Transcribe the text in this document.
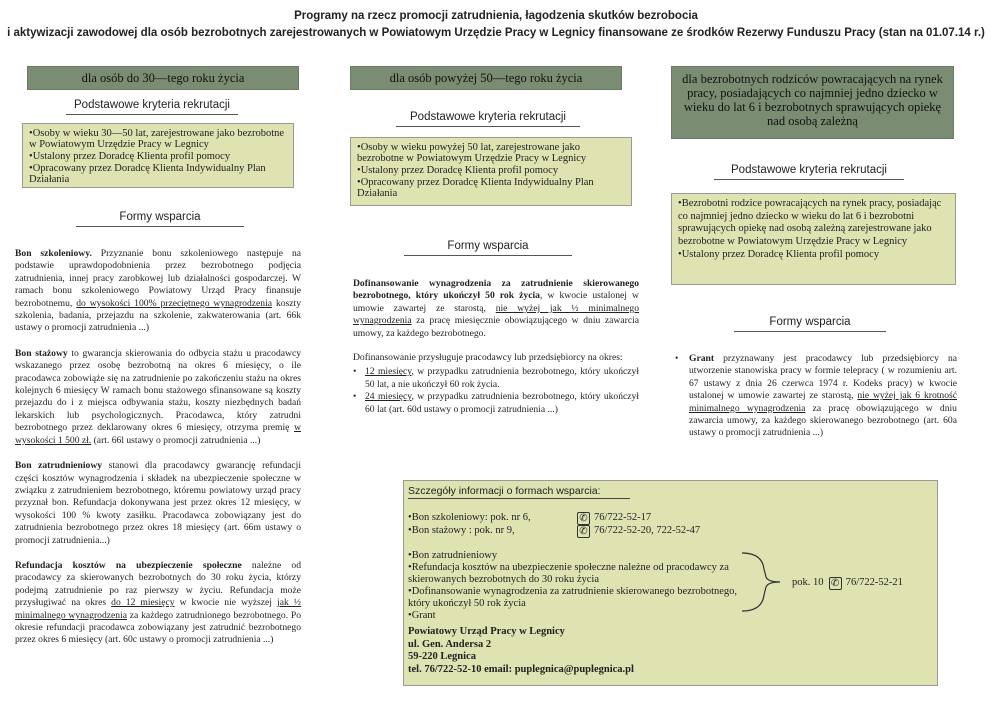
Programy na rzecz promocji zatrudnienia, łagodzenia skutków bezrobocia
i aktywizacji zawodowej dla osób bezrobotnych zarejestrowanych w Powiatowym Urzędzie Pracy w Legnicy finansowane ze środków Rezerwy Funduszu Pracy (stan na 01.07.14 r.)
dla osób do 30—tego roku życia
Podstawowe kryteria rekrutacji
•Osoby w wieku 30—50 lat, zarejestrowane jako bezrobotne w Powiatowym Urzędzie Pracy w Legnicy
•Ustalony przez Doradcę Klienta profil pomocy
•Opracowany przez Doradcę Klienta Indywidualny Plan Działania
Formy wsparcia

Bon szkoleniowy. Przyznanie bonu szkoleniowego następuje na podstawie uprawdopodobnienia przez bezrobotnego podjęcia zatrudnienia, innej pracy zarobkowej lub działalności gospodarczej. W ramach bonu szkoleniowego Powiatowy Urząd Pracy finansuje bezrobotnemu, do wysokości 100% przeciętnego wynagrodzenia koszty szkolenia, badania, przejazdu na szkolenie, zakwaterowania (art. 66k ustawy o promocji zatrudnienia ...)

Bon stażowy to gwarancja skierowania do odbycia stażu u pracodawcy wskazanego przez osobę bezrobotną na okres 6 miesięcy, o ile pracodawca zobowiąże się na zatrudnienie po zakończeniu stażu na okres kolejnych 6 miesięcy W ramach bonu stażowego sfinansowane są koszty przejazdu do i z miejsca odbywania stażu, koszty niezbędnych badań lekarskich lub psychologicznych. Pracodawca, który zatrudni bezrobotnego przez deklarowany okres 6 miesięcy, otrzyma premię w wysokości 1 500 zł. (art. 66l ustawy o promocji zatrudnienia ...)

Bon zatrudnieniowy stanowi dla pracodawcy gwarancję refundacji części kosztów wynagrodzenia i składek na ubezpieczenie społeczne w związku z zatrudnieniem bezrobotnego, któremu powiatowy urząd pracy przyznał bon. Refundacja dokonywana jest przez okres 12 miesięcy, w wysokości 100 % kwoty zasiłku. Pracodawca zobowiązany jest do zatrudnienia bezrobotnego przez okres 18 miesięcy (art. 66m ustawy o promocji zatrudnienia...)

Refundacja kosztów na ubezpieczenie społeczne należne od pracodawcy za skierowanych bezrobotnych do 30 roku życia, którzy podejmą zatrudnienie po raz pierwszy w życiu. Refundacja może przysługiwać na okres do 12 miesięcy w kwocie nie wyższej jak ½ minimalnego wynagrodzenia za każdego zatrudnionego bezrobotnego. Po okresie refundacji pracodawca zobowiązany jest zatrudnić bezrobotnego przez okres 6 miesięcy (art. 60c ustawy o promocji zatrudnienia ...)

dla osób powyżej 50—tego roku życia
Podstawowe kryteria rekrutacji
•Osoby w wieku powyżej 50 lat, zarejestrowane jako bezrobotne w Powiatowym Urzędzie Pracy w Legnicy
•Ustalony przez Doradcę Klienta profil pomocy
•Opracowany przez Doradcę Klienta Indywidualny Plan Działania
Formy wsparcia

Dofinansowanie wynagrodzenia za zatrudnienie skierowanego bezrobotnego, który ukończył 50 rok życia, w kwocie ustalonej w umowie zawartej ze starostą, nie wyżej jak ½ minimalnego wynagrodzenia za pracę miesięcznie obowiązującego w dniu zawarcia umowy, za każdego bezrobotnego.

Dofinansowanie przysługuje pracodawcy lub przedsiębiorcy na okres:

• 12 miesięcy, w przypadku zatrudnienia bezrobotnego, który ukończył 50 lat, a nie ukończył 60 rok życia.
• 24 miesięcy, w przypadku zatrudnienia bezrobotnego, który ukończył 60 lat (art. 60d ustawy o promocji zatrudnienia ...)
dla bezrobotnych rodziców powracających na rynek pracy, posiadających co najmniej jedno dziecko w wieku do lat 6 i bezrobotnych sprawujących opiekę nad osobą zależną
Podstawowe kryteria rekrutacji
•Bezrobotni rodzice powracających na rynek pracy, posiadając co najmniej jedno dziecko w wieku do lat 6 i bezrobotni sprawujących opiekę nad osobą zależną zarejestrowane jako bezrobotne w Powiatowym Urzędzie Pracy w Legnicy
•Ustalony przez Doradcę Klienta profil pomocy
Formy wsparcia
• Grant przyznawany jest pracodawcy lub przedsiębiorcy na utworzenie stanowiska pracy w formie telepracy ( w rozumieniu art. 67 ustawy z dnia 26 czerwca 1974 r. Kodeks pracy) w kwocie ustalonej w umowie zawartej ze starostą, nie wyżej jak 6 krotność minimalnego wynagrodzenia za pracę obowiązującego w dniu zawarcia umowy, za każdego skierowanego bezrobotnego (art. 60a ustawy o promocji zatrudnienia ...)
Szczegóły informacji o formach wsparcia:
•Bon szkoleniowy: pok. nr 6,	✆ 76/722-52-17
•Bon stażowy : pok. nr 9,	✆ 76/722-52-20, 722-52-47
•Bon zatrudnieniowy
•Refundacja kosztów na ubezpieczenie społeczne należne od pracodawcy za skierowanych bezrobotnych do 30 roku życia
•Dofinansowanie wynagrodzenia za zatrudnienie skierowanego bezrobotnego, który ukończył 50 rok życia
•Grant
pok. 10 ✆ 76/722-52-21
Powiatowy Urząd Pracy w Legnicy
ul. Gen. Andersa 2
59-220 Legnica
tel. 76/722-52-10 email: puplegnica@puplegnica.pl
